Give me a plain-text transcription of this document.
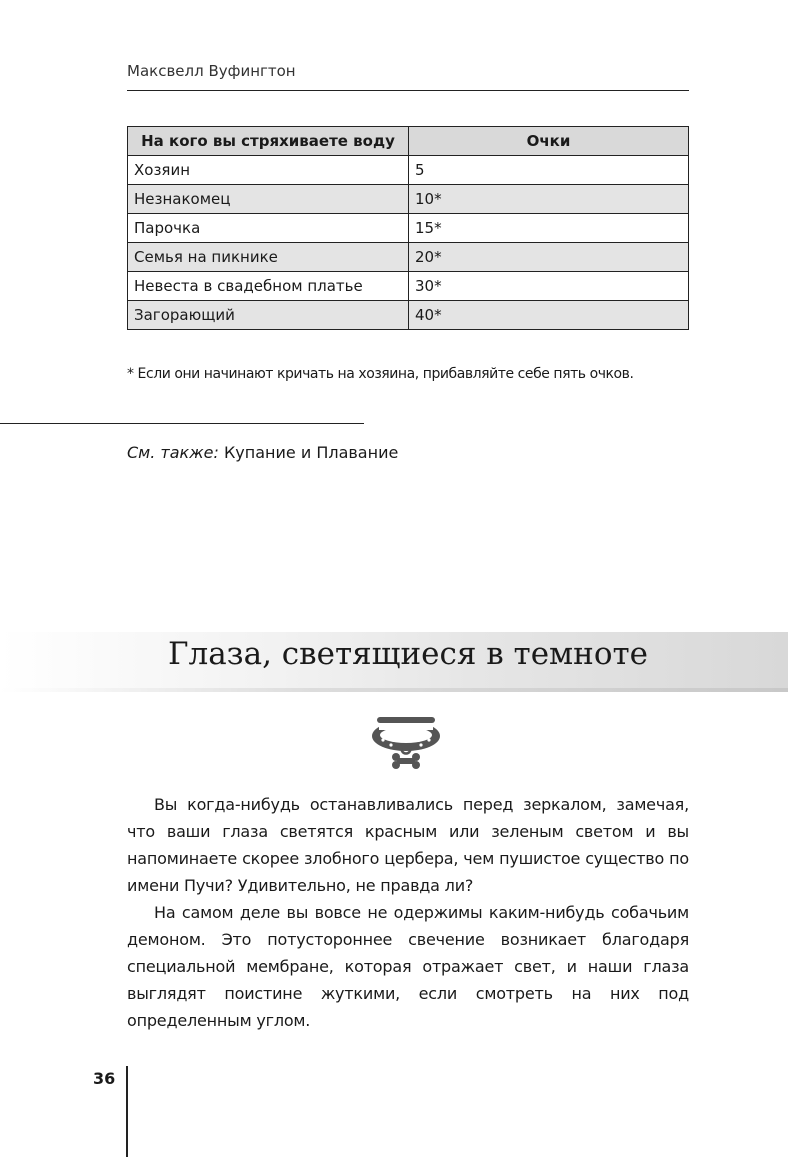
Максвелл Вуфингтон
На кого вы стряхиваете воду	Очки
Хозяин	5
Незнакомец	10*
Парочка	15*
Семья на пикнике	20*
Невеста в свадебном платье	30*
Загорающий	40*
* Если они начинают кричать на хозяина, прибавляйте себе пять очков.
См. также: Купание и Плавание
Глаза, светящиеся в темноте

Вы когда-нибудь останавливались перед зеркалом, замечая, что ваши глаза светятся красным или зеленым светом и вы напоминаете скорее злобного цербера, чем пушистое существо по имени Пучи? Удивительно, не правда ли?

На самом деле вы вовсе не одержимы каким-нибудь собачьим демоном. Это потустороннее свечение возникает благодаря специальной мембране, которая отражает свет, и наши глаза выглядят поистине жуткими, если смотреть на них под определенным углом.

36
